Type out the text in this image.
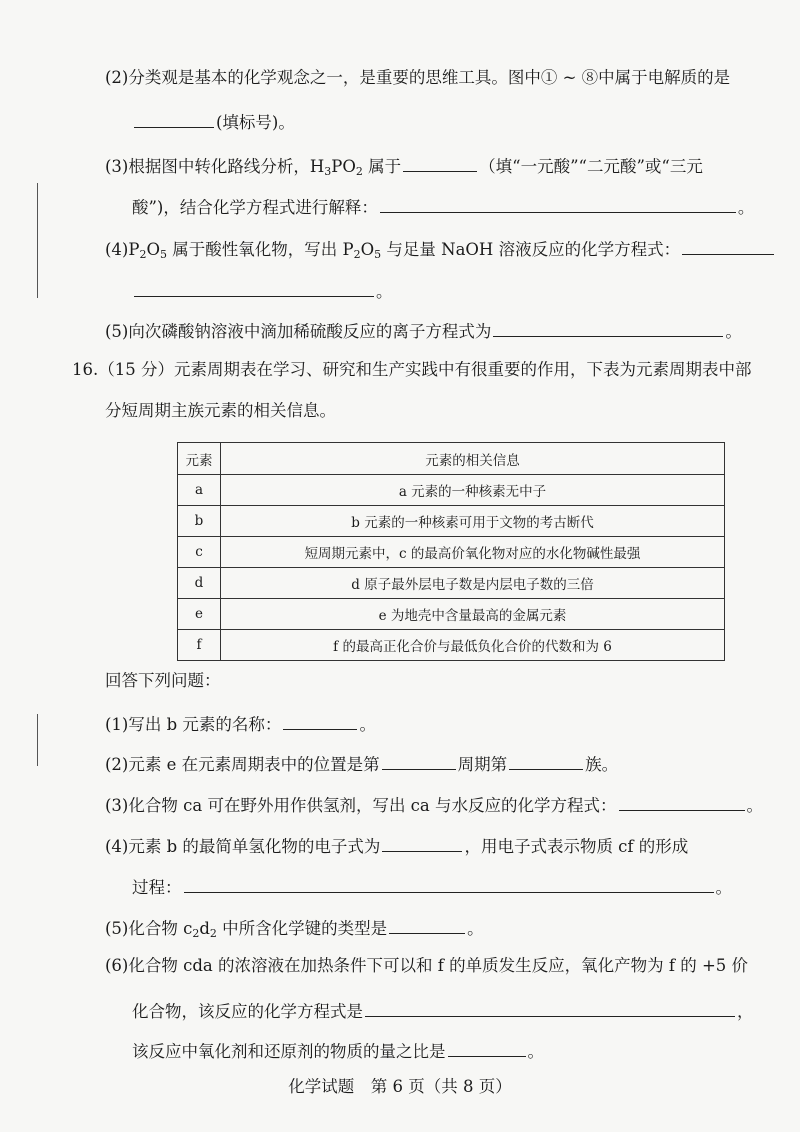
(2)分类观是基本的化学观念之一，是重要的思维工具。图中① ~ ⑧中属于电解质的是
(填标号)。
(3)根据图中转化路线分析，$H_3PO_2$ 属于	（填“一元酸”“二元酸”或“三元
酸”)，结合化学方程式进行解释：	。
$(4)P_2O_5$ 属于酸性氧化物，写出 $P_2O_5$ 与足量 NaOH 溶液反应的化学方程式：
。
(5)向次磷酸钠溶液中滴加稀硫酸反应的离子方程式为	。
16.（15 分）元素周期表在学习、研究和生产实践中有很重要的作用，下表为元素周期表中部
分短周期主族元素的相关信息。
元素	元素的相关信息
a	a 元素的一种核素无中子
b	b 元素的一种核素可用于文物的考古断代
c	短周期元素中，c 的最高价氧化物对应的水化物碱性最强
d	d 原子最外层电子数是内层电子数的三倍
e	e 为地壳中含量最高的金属元素
f	f 的最高正化合价与最低负化合价的代数和为 6
回答下列问题：
(1)写出 b 元素的名称：	。
(2)元素 e 在元素周期表中的位置是第	周期第	族。
(3)化合物 ca 可在野外用作供氢剂，写出 ca 与水反应的化学方程式：	。
(4)元素 b 的最简单氢化物的电子式为	，用电子式表示物质 cf 的形成
过程：	。
(5)化合物 $c_2d_2$ 中所含化学键的类型是	。
(6)化合物 cda 的浓溶液在加热条件下可以和 f 的单质发生反应，氧化产物为 f 的 +5 价
化合物，该反应的化学方程式是	，
该反应中氧化剂和还原剂的物质的量之比是	。
化学试题　第 6 页（共 8 页）
